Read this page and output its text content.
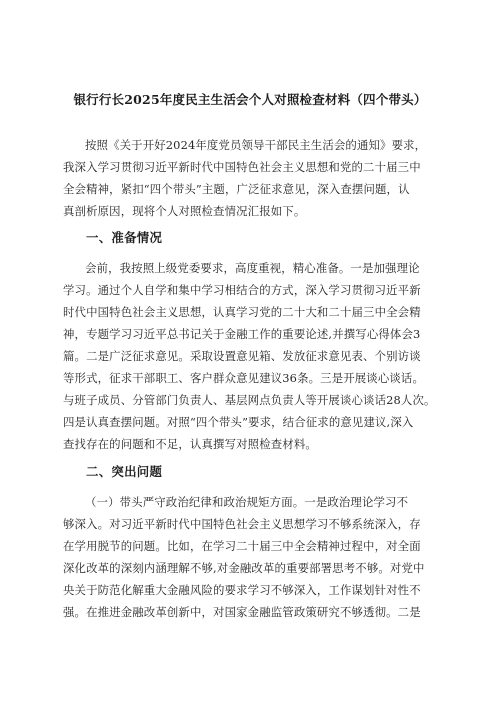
银行行长2025年度民主生活会个人对照检查材料（四个带头）
按照《关于开好2024年度党员领导干部民主生活会的通知》要求，
我深入学习贯彻习近平新时代中国特色社会主义思想和党的二十届三中
全会精神，紧扣“四个带头”主题，广泛征求意见，深入查摆问题，认
真剖析原因，现将个人对照检查情况汇报如下。
一、准备情况
会前，我按照上级党委要求，高度重视，精心准备。一是加强理论
学习。通过个人自学和集中学习相结合的方式，深入学习贯彻习近平新
时代中国特色社会主义思想，认真学习党的二十大和二十届三中全会精
神，专题学习习近平总书记关于金融工作的重要论述,并撰写心得体会3
篇。二是广泛征求意见。采取设置意见箱、发放征求意见表、个别访谈
等形式，征求干部职工、客户群众意见建议36条。三是开展谈心谈话。
与班子成员、分管部门负责人、基层网点负责人等开展谈心谈话28人次。
四是认真查摆问题。对照“四个带头”要求，结合征求的意见建议,深入
查找存在的问题和不足，认真撰写对照检查材料。
二、突出问题
（一）带头严守政治纪律和政治规矩方面。一是政治理论学习不
够深入。对习近平新时代中国特色社会主义思想学习不够系统深入，存
在学用脱节的问题。比如，在学习二十届三中全会精神过程中，对全面
深化改革的深刻内涵理解不够,对金融改革的重要部署思考不够。对党中
央关于防范化解重大金融风险的要求学习不够深入，工作谋划针对性不
强。在推进金融改革创新中，对国家金融监管政策研究不够透彻。二是
